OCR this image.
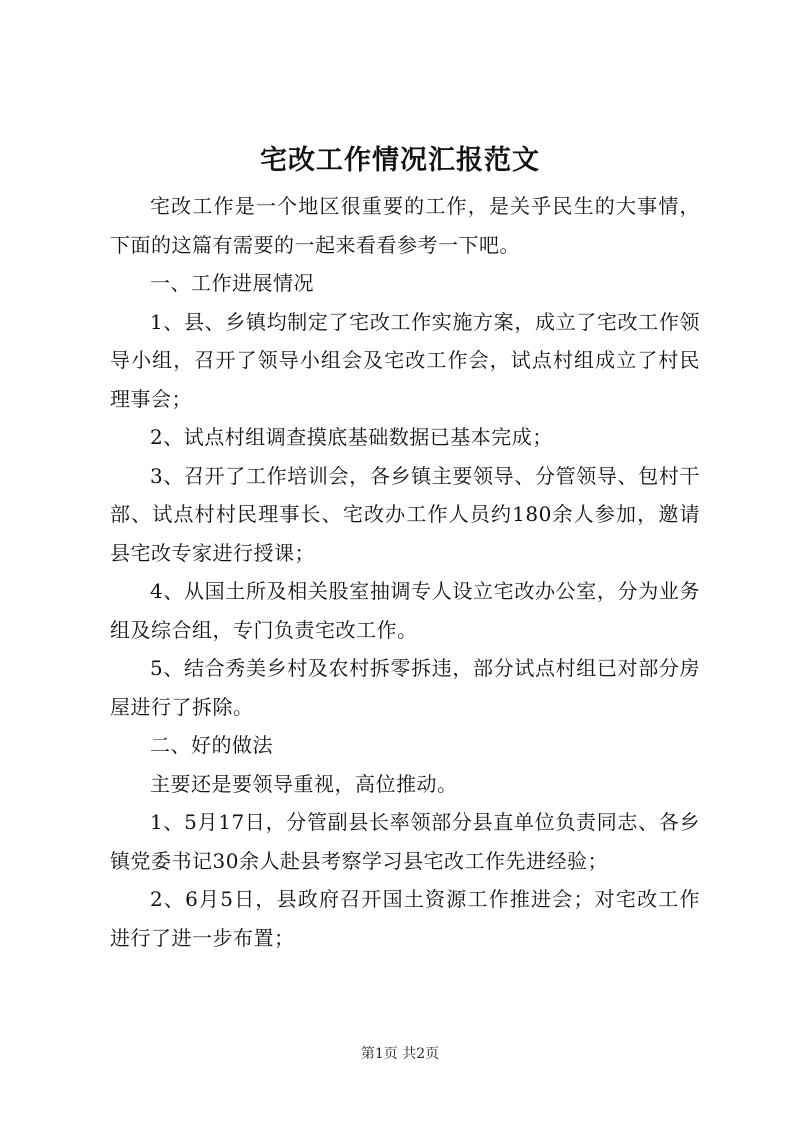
宅改工作情况汇报范文

宅改工作是一个地区很重要的工作，是关乎民生的大事情，下面的这篇有需要的一起来看看参考一下吧。

一、工作进展情况

1、县、乡镇均制定了宅改工作实施方案，成立了宅改工作领导小组，召开了领导小组会及宅改工作会，试点村组成立了村民理事会；

2、试点村组调查摸底基础数据已基本完成；

3、召开了工作培训会，各乡镇主要领导、分管领导、包村干部、试点村村民理事长、宅改办工作人员约180余人参加，邀请县宅改专家进行授课；

4、从国土所及相关股室抽调专人设立宅改办公室，分为业务组及综合组，专门负责宅改工作。

5、结合秀美乡村及农村拆零拆违，部分试点村组已对部分房屋进行了拆除。

二、好的做法

主要还是要领导重视，高位推动。

1、5月17日，分管副县长率领部分县直单位负责同志、各乡镇党委书记30余人赴县考察学习县宅改工作先进经验；

2、6月5日，县政府召开国土资源工作推进会；对宅改工作进行了进一步布置；

第1页 共2页
